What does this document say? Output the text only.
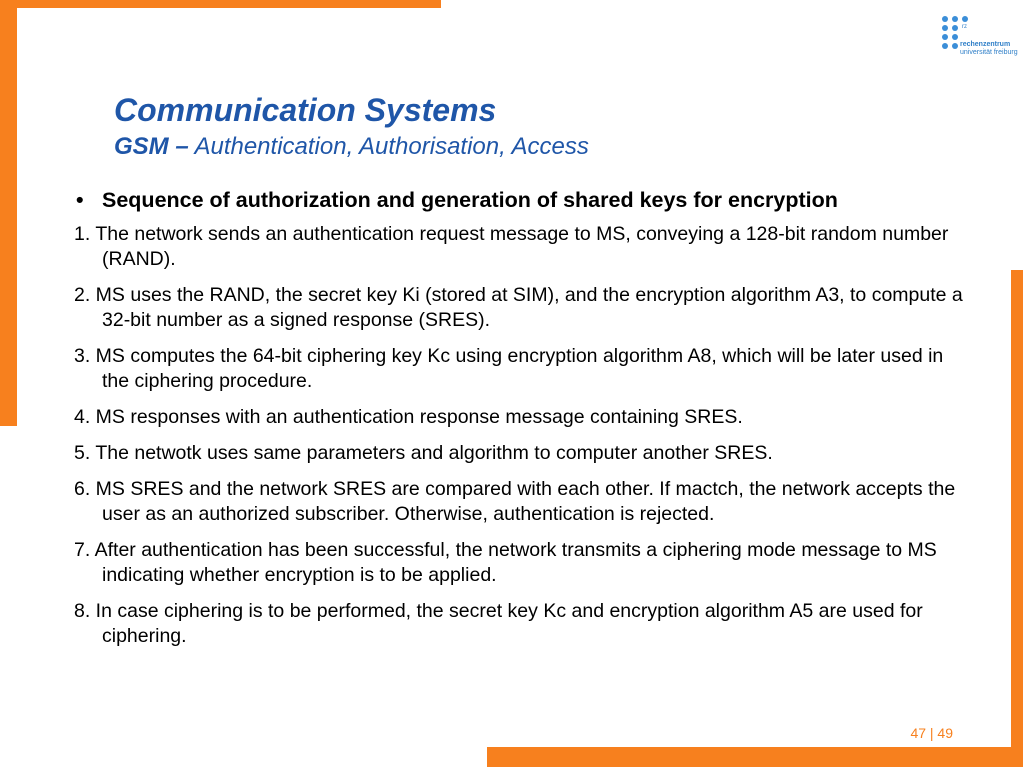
rz
rechenzentrum
universität freiburg
Communication Systems
GSM – Authentication, Authorisation, Access
• Sequence of authorization and generation of shared keys for encryption
1. The network sends an authentication request message to MS, conveying a 128-bit random number (RAND).
2. MS uses the RAND, the secret key Ki (stored at SIM), and the encryption algorithm A3, to compute a 32-bit number as a signed response (SRES).
3. MS computes the 64-bit ciphering key Kc using encryption algorithm A8, which will be later used in the ciphering procedure.
4. MS responses with an authentication response message containing SRES.
5. The netwotk uses same parameters and algorithm to computer another SRES.
6. MS SRES and the network SRES are compared with each other. If mactch, the network accepts the user as an authorized subscriber. Otherwise, authentication is rejected.
7. After authentication has been successful, the network transmits a ciphering mode message to MS indicating whether encryption is to be applied.
8. In case ciphering is to be performed, the secret key Kc and encryption algorithm A5 are used for ciphering.
47 | 49
